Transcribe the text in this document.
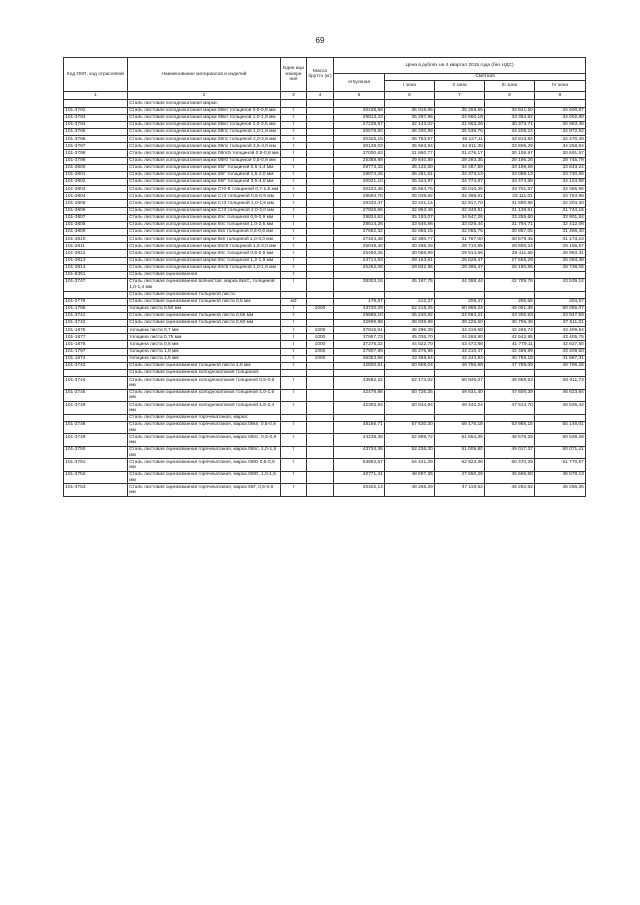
69
Код ОКП, ход отраслевой	Наименование материалов и изделий	Един ица измере ния	Масса брутто (кг)	Цена в рублях на 4 квартал 2015 года (без НДС)				
				отпускная	Сметная			
					I зона	II зона	III зона	IV зона
1	2	3	4	5	6	7	8	9
	Сталь листовая холоднокатаная марки:							
101-3792	Сталь листовая холоднокатаная марки 08кп толщиной 0,5-0,9 мм	т		30439,58	35 918,66	35 259,65	33 941,50	34 600,87
101-3793	Сталь листовая холоднокатаная марки 08кп толщиной 1,0-1,9 мм	т		29913,43	35 297,86	34 650,18	33 354,82	34 002,80
101-3794	Сталь листовая холоднокатаная марки 08кп толщиной 2,0-3,5 мм	т		27239,87	32 143,02	31 553,26	30 373,71	30 963,45
101-3795	Сталь листовая холоднокатаная марки 08пс толщиной 1,0-1,9 мм	т		30678,80	36 200,98	35 536,75	34 208,24	34 872,52
101-3796	Сталь листовая холоднокатаная марки 08пс толщиной 2,0-2,5 мм	т		30325,15	35 783,67	35 127,11	33 813,82	34 470,49
101-3797	Сталь листовая холоднокатаная марки 08пс толщиной 2,6-4,0 мм	т		30138,03	35 563,94	34 911,39	33 606,29	34 258,84
101-3798	Сталь листовая холоднокатаная марки 08пс5 толщиной 0,5-0,8 мм	т		27000,63	31 860,77	31 276,17	30 106,97	30 691,57
101-3799	Сталь листовая холоднокатаная марки 08Ю толщиной 0,5-0,9 мм	т		25388,89	29 640,89	29 293,35	28 196,26	28 745,79
101-3800	Сталь листовая холоднокатаная марки 65Г толщиной 0,5-1,4 мм	т		29773,32	35 132,50	34 487,89	33 198,59	33 843,24
101-3801	Сталь листовая холоднокатаная марки 65Г толщиной 1,5-3,0 мм	т		29874,25	35 251,61	34 373,13	33 088,13	33 730,65
101-3802	Сталь листовая холоднокатаная марки 65Г толщиной 3,5-4,0 мм	т		30021,10	35 424,87	34 774,87	33 474,88	34 124,88
101-3803	Сталь листовая холоднокатаная марки Ст0-8 толщиной 0,7-1,5 мм	т		30224,36	35 664,75	35 010,35	33 701,57	34 355,96
101-3804	Сталь листовая холоднокатаная марки Ст3 толщиной 0,5-0,9 мм	т		29694,78	35 039,82	34 396,61	33 111,01	33 753,98
101-3805	Сталь листовая холоднокатаная марки Ст3 толщиной 1,0-1,9 мм	т		28333,47	33 431,14	32 817,70	31 590,86	32 204,30
101-3806	Сталь листовая холоднокатаная марки Ст3 толщиной 2,0-3,0 мм	т		27926,65	32 953,46	32 348,81	31 139,51	31 744,16
101-3807	Сталь листовая холоднокатаная марки 8пс толщиной 0,5-0,9 мм	т		29824,62	35 193,07	34 547,26	33 255,60	33 901,54
101-3808	Сталь листовая холоднокатаная марки 8пс толщиной 1,0-2,6 мм	т		28514,26	33 646,86	33 029,44	31 794,71	32 412,08
101-3809	Сталь листовая холоднокатаная марки 8кп толщиной 0,5-0,9 мм	т		27682,32	32 665,15	32 065,75	30 867,05	31 466,40
101-3810	Сталь листовая холоднокатаная марки 8кп толщиной 1,0-3,0 мм	т		27424,38	32 360,77	31 767,00	30 579,45	31 173,23
101-3811	Сталь листовая холоднокатаная марки 8пс5 толщиной 1,5-2,0 мм	т		25649,40	30 266,28	29 710,95	28 600,24	29 155,57
101-3812	Сталь листовая холоднокатаная марки 8пс толщиной 0,5-0,9 мм	т		25460,25	30 066,69	29 514,66	28 411,66	28 963,31
101-3813	Сталь листовая холоднокатаная марки 8пс толщиной 1,2-1,8 мм	т		24714,93	29 163,61	28 628,47	27 558,29	28 093,38
101-3814	Сталь листовая холоднокатаная марки 8пс5 толщиной 1,0-1,6 мм	т		25262,08	29 832,85	29 285,47	28 190,65	28 738,06
101-9351	Сталь листовая оцинкованная	т						
101-3747	Сталь листовая оцинкованная волнистая, марка 8кпС, толщиной 1,0-1,4 мм	т		38303,16	45 197,75	44 368,44	42 709,76	43 539,14
	Сталь листовая оцинкованная толщиной листа:							
101-2778	Сталь листовая оцинкованная толщиной листа 0,5 мм	м2		179,67	212,37	208,47	200,68	204,57
101-1796	толщина листа 0,50 мм	т	1000	43720,09	52 219,25	50 969,24	49 001,38	50 055,07
101-3741	Сталь листовая оцинкованная толщиной листа 0,55 мм	т		29865,10	35 240,82	34 594,21	33 300,93	33 947,59
101-3742	Сталь листовая оцинкованная толщиной листа 0,60 мм	т		32999,98	38 939,98	38 225,50	36 796,48	37 511,01
101-1875	толщина листа 0,7 мм	т	1000	37915,61	45 296,39	44 219,68	42 465,74	43 409,54
101-1877	толщина листа 0,75 мм	т	1000	37957,73	45 336,70	44 268,80	42 542,95	43 405,75
101-1876	толщина листа 0,8 мм	т	1000	37276,22	44 522,70	43 473,88	41 779,11	42 627,50
101-1797	толщина листа 1,0 мм	т	1000	37907,89	45 276,96	44 210,47	42 486,89	43 409,50
101-1874	толщина листа 1,5 мм	т	1000	36363,66	43 458,64	42 444,93	40 768,18	41 667,31
101-3743	Сталь листовая оцинкованная толщиной листа 1,6 мм	т		42820,61	50 908,04	49 756,98	47 789,09	48 796,28
	Сталь листовая оцинкованная холоднокатаная толщиной:							
101-3744	Сталь листовая оцинкованная холоднокатаная толщиной 0,5-0,9 мм	т		43682,22	52 174,02	50 945,07	48 959,53	50 011,73
101-3745	Сталь листовая оцинкованная холоднокатаная толщиной 1,0-1,5 мм	т		42478,88	50 726,25	49 531,40	47 600,39	48 623,94
101-3749	Сталь листовая оцинкованная холоднокатаная толщиной 1,6-2,4 мм	т		42393,64	50 634,94	49 442,24	47 514,70	48 535,42
	Сталь листовая оцинкованная горячекатаная, марка:							
101-3748	Сталь листовая оцинкованная горячекатаная, марка 08кп, 0,5-0,9 мм	т		48166,71	57 530,30	56 175,18	53 985,15	55 146,01
101-3749	Сталь листовая оцинкованная горячекатаная, марка 08пс, 0,5-0,9 мм	т		44239,38	52 898,72	51 654,35	49 575,29	50 639,28
101-3750	Сталь листовая оцинкованная горячекатаная, марка 08пс, 1,0-1,5 мм	т		43734,38	52 236,30	51 005,80	49 017,37	50 071,41
101-3751	Сталь листовая оцинкованная горячекатаная, марка 08Ю 0,5-0,9 мм	т		53952,67	64 441,29	62 923,36	60 470,29	61 770,57
101-3752	Сталь листовая оцинкованная горячекатаная, марка 08Ю, 1,0-1,5 мм	т		40771,41	48 697,35	47 550,29	45 696,50	46 679,13
101-3753	Сталь листовая оцинкованная горячекатаная, марка 65Г, 0,5-0,9 мм	т		40402,13	48 256,29	47 119,62	45 282,62	46 256,35
